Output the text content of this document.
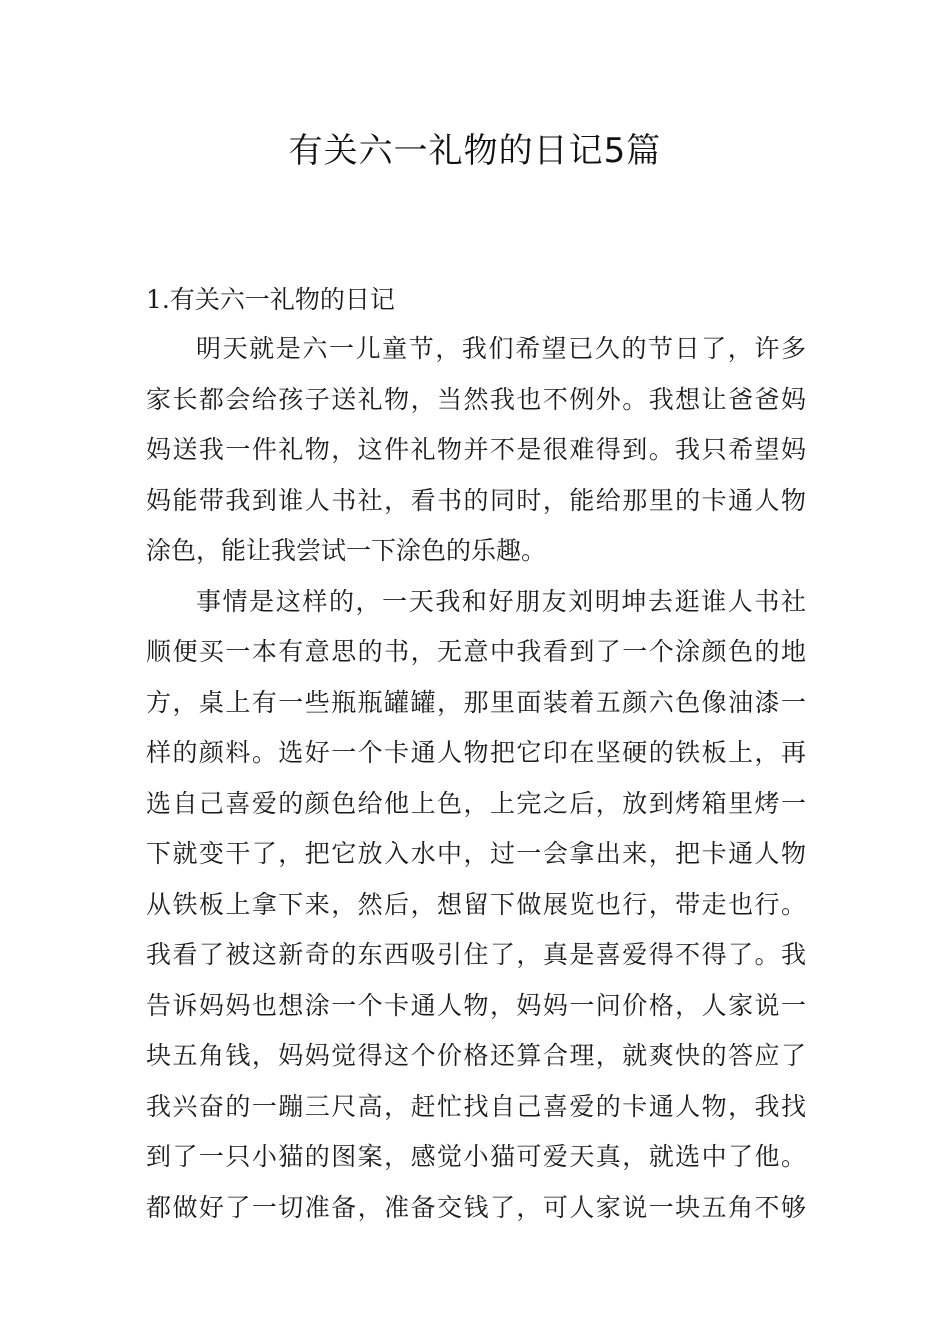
有关六一礼物的日记5篇
1.有关六一礼物的日记
明天就是六一儿童节，我们希望已久的节日了，许多
家长都会给孩子送礼物，当然我也不例外。我想让爸爸妈
妈送我一件礼物，这件礼物并不是很难得到。我只希望妈
妈能带我到谁人书社，看书的同时，能给那里的卡通人物
涂色，能让我尝试一下涂色的乐趣。
事情是这样的，一天我和好朋友刘明坤去逛谁人书社
顺便买一本有意思的书，无意中我看到了一个涂颜色的地
方，桌上有一些瓶瓶罐罐，那里面装着五颜六色像油漆一
样的颜料。选好一个卡通人物把它印在坚硬的铁板上，再
选自己喜爱的颜色给他上色，上完之后，放到烤箱里烤一
下就变干了，把它放入水中，过一会拿出来，把卡通人物
从铁板上拿下来，然后，想留下做展览也行，带走也行。
我看了被这新奇的东西吸引住了，真是喜爱得不得了。我
告诉妈妈也想涂一个卡通人物，妈妈一问价格，人家说一
块五角钱，妈妈觉得这个价格还算合理，就爽快的答应了
我兴奋的一蹦三尺高，赶忙找自己喜爱的卡通人物，我找
到了一只小猫的图案，感觉小猫可爱天真，就选中了他。
都做好了一切准备，准备交钱了，可人家说一块五角不够
